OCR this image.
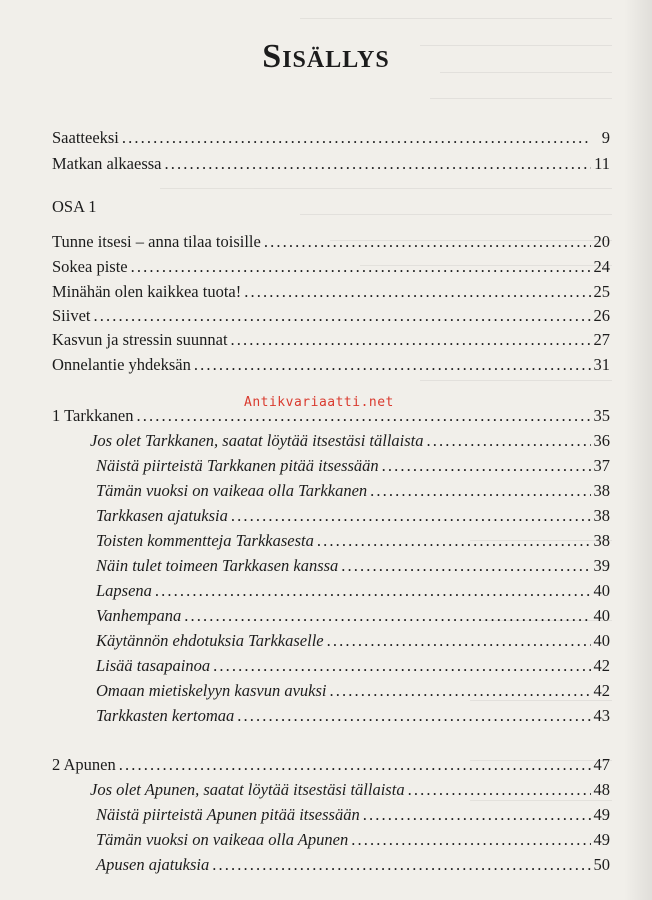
Sisällys
Saatteeksi . . .	9
Matkan alkaessa . . .	11
OSA 1
Tunne itsesi – anna tilaa toisille . . .	20
Sokea piste . . .	24
Minähän olen kaikkea tuota! . . .	25
Siivet . . .	26
Kasvun ja stressin suunnat . . .	27
Onnelantie yhdeksän . . .	31
Antikvariaatti.net
1 Tarkkanen . . .	35
Jos olet Tarkkanen, saatat löytää itsestäsi tällaista . . .	36
Näistä piirteistä Tarkkanen pitää itsessään . . .	37
Tämän vuoksi on vaikeaa olla Tarkkanen . . .	38
Tarkkasen ajatuksia . . .	38
Toisten kommentteja Tarkkasesta . . .	38
Näin tulet toimeen Tarkkasen kanssa . . .	39
Lapsena . . .	40
Vanhempana . . .	40
Käytännön ehdotuksia Tarkkaselle . . .	40
Lisää tasapainoa . . .	42
Omaan mietiskelyyn kasvun avuksi . . .	42
Tarkkasten kertomaa . . .	43
2 Apunen . . .	47
Jos olet Apunen, saatat löytää itsestäsi tällaista . . .	48
Näistä piirteistä Apunen pitää itsessään . . .	49
Tämän vuoksi on vaikeaa olla Apunen . . .	49
Apusen ajatuksia . . .	50
